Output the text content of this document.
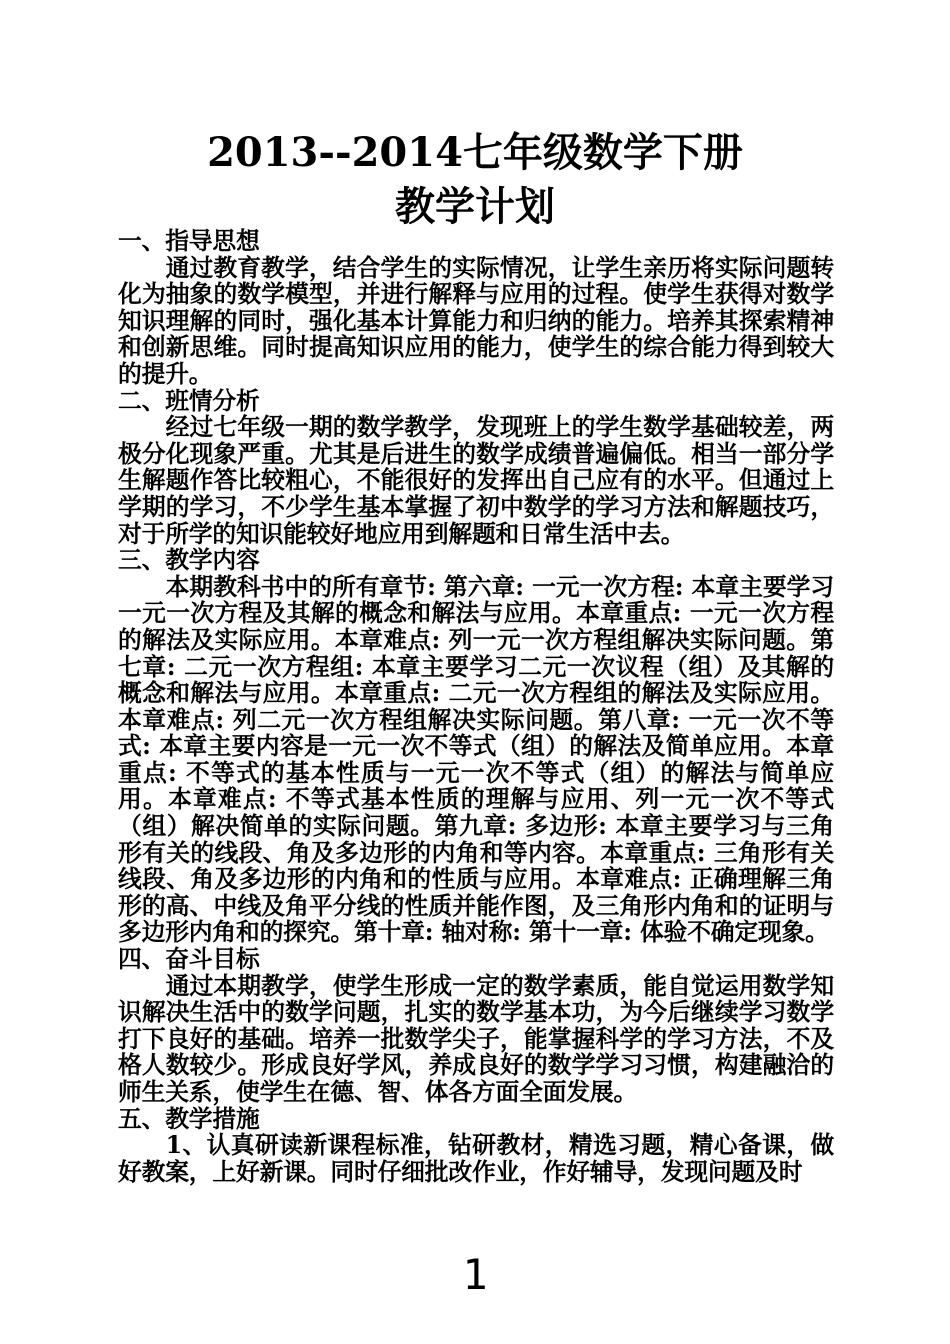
2013--2014七年级数学下册
教学计划

一、指导思想

通过教育教学，结合学生的实际情况，让学生亲历将实际问题转化为抽象的数学模型，并进行解释与应用的过程。使学生获得对数学知识理解的同时，强化基本计算能力和归纳的能力。培养其探索精神和创新思维。同时提高知识应用的能力，使学生的综合能力得到较大的提升。

二、班情分析

经过七年级一期的数学教学，发现班上的学生数学基础较差，两极分化现象严重。尤其是后进生的数学成绩普遍偏低。相当一部分学生解题作答比较粗心，不能很好的发挥出自己应有的水平。但通过上学期的学习，不少学生基本掌握了初中数学的学习方法和解题技巧，对于所学的知识能较好地应用到解题和日常生活中去。

三、教学内容

本期教科书中的所有章节: 第六章: 一元一次方程: 本章主要学习一元一次方程及其解的概念和解法与应用。本章重点: 一元一次方程的解法及实际应用。本章难点: 列一元一次方程组解决实际问题。第七章: 二元一次方程组: 本章主要学习二元一次议程（组）及其解的概念和解法与应用。本章重点: 二元一次方程组的解法及实际应用。本章难点: 列二元一次方程组解决实际问题。第八章: 一元一次不等式: 本章主要内容是一元一次不等式（组）的解法及简单应用。本章重点: 不等式的基本性质与一元一次不等式（组）的解法与简单应用。本章难点: 不等式基本性质的理解与应用、列一元一次不等式（组）解决简单的实际问题。第九章: 多边形: 本章主要学习与三角形有关的线段、角及多边形的内角和等内容。本章重点: 三角形有关线段、角及多边形的内角和的性质与应用。本章难点: 正确理解三角形的高、中线及角平分线的性质并能作图，及三角形内角和的证明与多边形内角和的探究。第十章: 轴对称: 第十一章: 体验不确定现象。

四、奋斗目标

通过本期教学，使学生形成一定的数学素质，能自觉运用数学知识解决生活中的数学问题，扎实的数学基本功，为今后继续学习数学打下良好的基础。培养一批数学尖子，能掌握科学的学习方法，不及格人数较少。形成良好学风，养成良好的数学学习习惯，构建融洽的师生关系，使学生在德、智、体各方面全面发展。

五、教学措施

1、认真研读新课程标准，钻研教材，精选习题，精心备课，做好教案，上好新课。同时仔细批改作业，作好辅导，发现问题及时

1
